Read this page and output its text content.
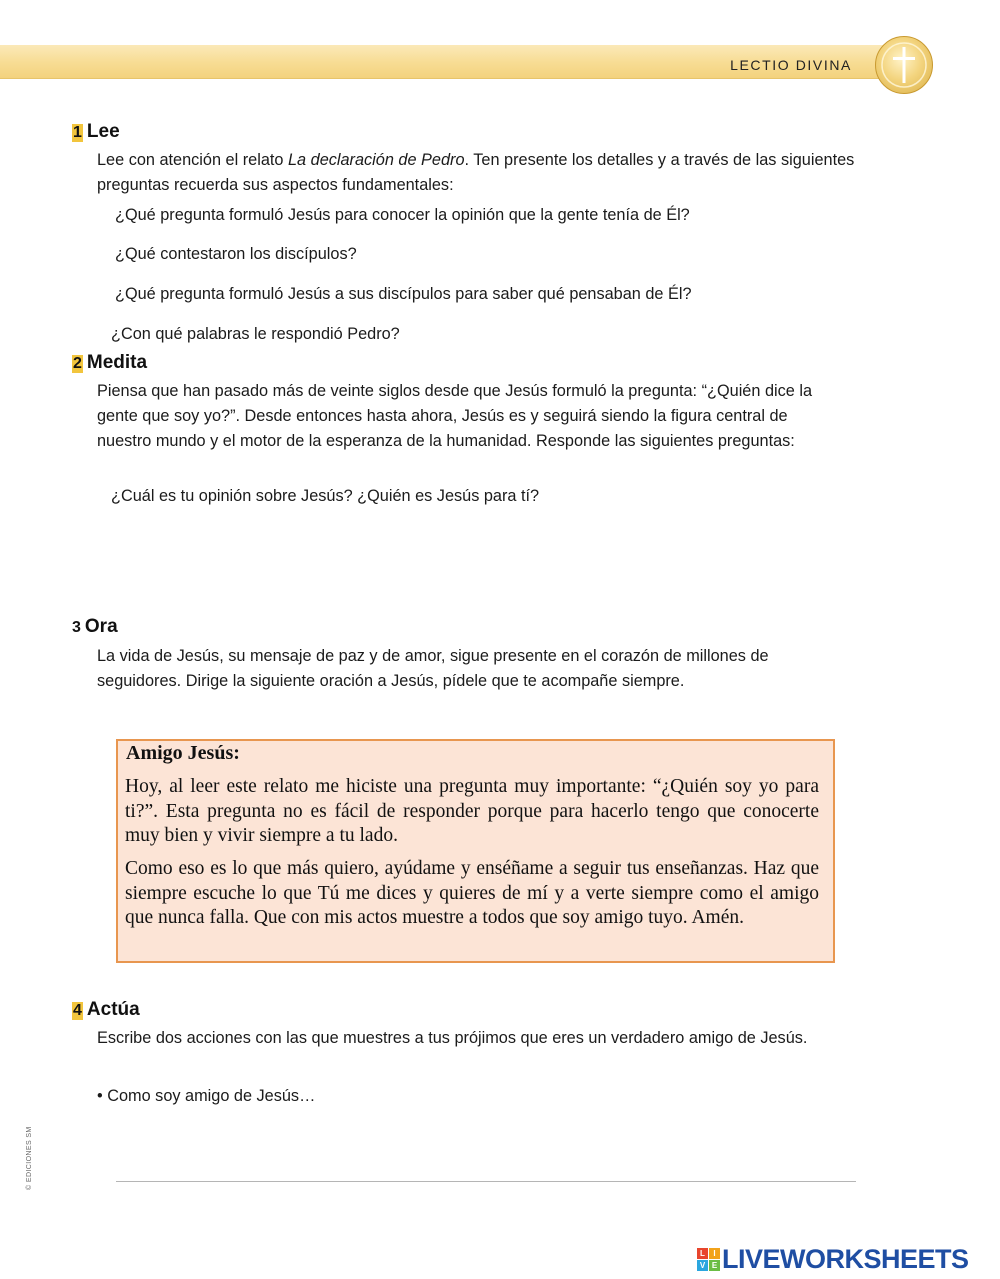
LECTIO DIVINA
1 Lee
Lee con atención el relato La declaración de Pedro. Ten presente los detalles y a través de las siguientes preguntas recuerda sus aspectos fundamentales:
¿Qué pregunta formuló Jesús para conocer la opinión que la gente tenía de Él?
¿Qué contestaron los discípulos?
¿Qué pregunta formuló Jesús a sus discípulos para saber qué pensaban de Él?
¿Con qué palabras le respondió Pedro?
2 Medita
Piensa que han pasado más de veinte siglos desde que Jesús formuló la pregunta: “¿Quién dice la gente que soy yo?”. Desde entonces hasta ahora, Jesús es y seguirá siendo la figura central de nuestro mundo y el motor de la esperanza de la humanidad. Responde las siguientes preguntas:
¿Cuál es tu opinión sobre Jesús? ¿Quién es Jesús para tí?
3 Ora
La vida de Jesús, su mensaje de paz y de amor, sigue presente en el corazón de millones de seguidores. Dirige la siguiente oración a Jesús, pídele que te acompañe siempre.
Amigo Jesús:
Hoy, al leer este relato me hiciste una pregunta muy importante: “¿Quién soy yo para ti?”. Esta pregunta no es fácil de responder porque para hacerlo tengo que conocerte muy bien y vivir siempre a tu lado.
Como eso es lo que más quiero, ayúdame y enséñame a seguir tus enseñanzas. Haz que siempre escuche lo que Tú me dices y quieres de mí y a verte siempre como el amigo que nunca falla. Que con mis actos muestre a todos que soy amigo tuyo. Amén.
4 Actúa
Escribe dos acciones con las que muestres a tus prójimos que eres un verdadero amigo de Jesús.
• Como soy amigo de Jesús…
© EDICIONES SM
L	I
V E LIVEWORKSHEETS
